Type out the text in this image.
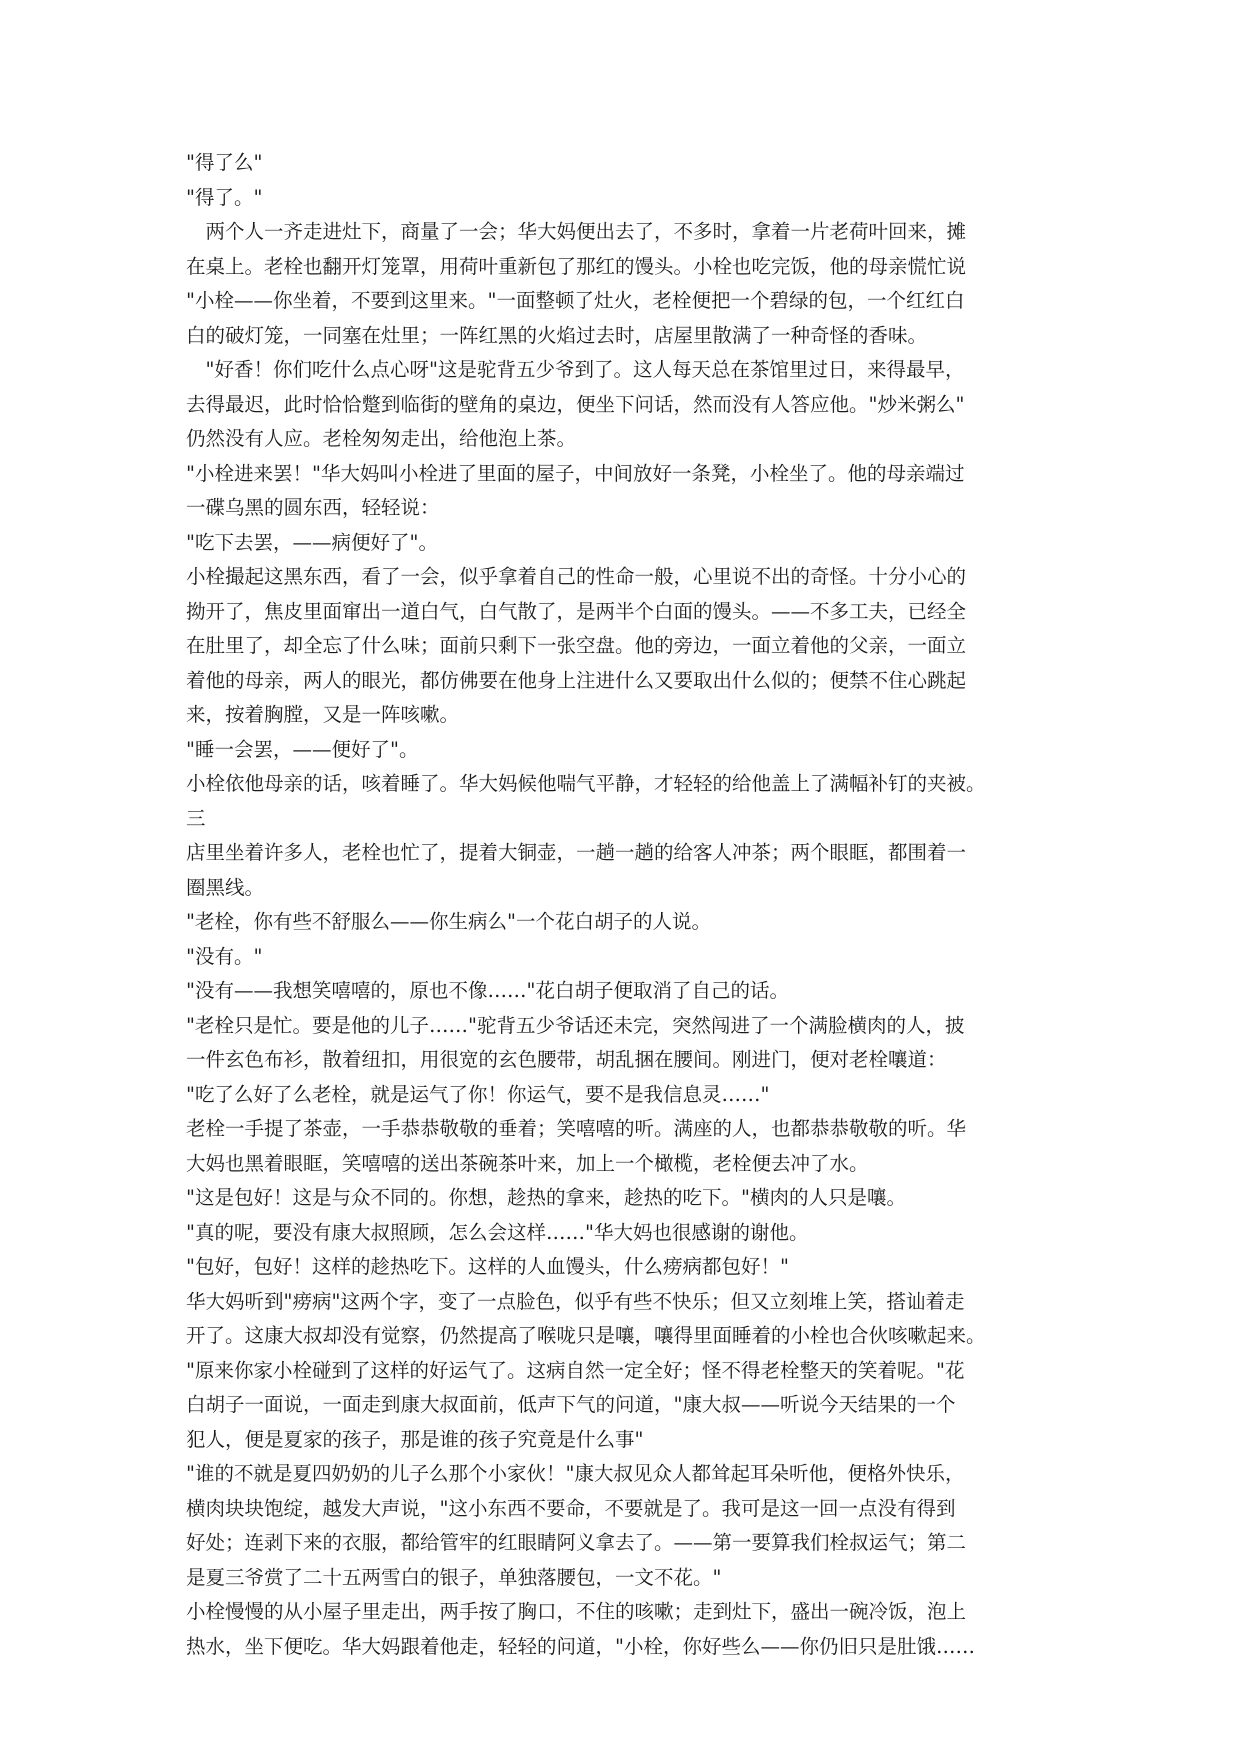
"得了么"
"得了。"
　两个人一齐走进灶下，商量了一会；华大妈便出去了，不多时，拿着一片老荷叶回来，摊
在桌上。老栓也翻开灯笼罩，用荷叶重新包了那红的馒头。小栓也吃完饭，他的母亲慌忙说
"小栓——你坐着，不要到这里来。"一面整顿了灶火，老栓便把一个碧绿的包，一个红红白
白的破灯笼，一同塞在灶里；一阵红黑的火焰过去时，店屋里散满了一种奇怪的香味。
　"好香！你们吃什么点心呀"这是驼背五少爷到了。这人每天总在茶馆里过日，来得最早，
去得最迟，此时恰恰蹩到临街的壁角的桌边，便坐下问话，然而没有人答应他。"炒米粥么"
仍然没有人应。老栓匆匆走出，给他泡上茶。
"小栓进来罢！"华大妈叫小栓进了里面的屋子，中间放好一条凳，小栓坐了。他的母亲端过
一碟乌黑的圆东西，轻轻说：
"吃下去罢，——病便好了"。
小栓撮起这黑东西，看了一会，似乎拿着自己的性命一般，心里说不出的奇怪。十分小心的
拗开了，焦皮里面窜出一道白气，白气散了，是两半个白面的馒头。——不多工夫，已经全
在肚里了，却全忘了什么味；面前只剩下一张空盘。他的旁边，一面立着他的父亲，一面立
着他的母亲，两人的眼光，都仿佛要在他身上注进什么又要取出什么似的；便禁不住心跳起
来，按着胸膛，又是一阵咳嗽。
"睡一会罢，——便好了"。
小栓依他母亲的话，咳着睡了。华大妈候他喘气平静，才轻轻的给他盖上了满幅补钉的夹被。
三
店里坐着许多人，老栓也忙了，提着大铜壶，一趟一趟的给客人冲茶；两个眼眶，都围着一
圈黑线。
"老栓，你有些不舒服么——你生病么"一个花白胡子的人说。
"没有。"
"没有——我想笑嘻嘻的，原也不像……"花白胡子便取消了自己的话。
"老栓只是忙。要是他的儿子……"驼背五少爷话还未完，突然闯进了一个满脸横肉的人，披
一件玄色布衫，散着纽扣，用很宽的玄色腰带，胡乱捆在腰间。刚进门，便对老栓嚷道：
"吃了么好了么老栓，就是运气了你！你运气，要不是我信息灵……"
老栓一手提了茶壶，一手恭恭敬敬的垂着；笑嘻嘻的听。满座的人，也都恭恭敬敬的听。华
大妈也黑着眼眶，笑嘻嘻的送出茶碗茶叶来，加上一个橄榄，老栓便去冲了水。
"这是包好！这是与众不同的。你想，趁热的拿来，趁热的吃下。"横肉的人只是嚷。
"真的呢，要没有康大叔照顾，怎么会这样……"华大妈也很感谢的谢他。
"包好，包好！这样的趁热吃下。这样的人血馒头，什么痨病都包好！"
华大妈听到"痨病"这两个字，变了一点脸色，似乎有些不快乐；但又立刻堆上笑，搭讪着走
开了。这康大叔却没有觉察，仍然提高了喉咙只是嚷，嚷得里面睡着的小栓也合伙咳嗽起来。
"原来你家小栓碰到了这样的好运气了。这病自然一定全好；怪不得老栓整天的笑着呢。"花
白胡子一面说，一面走到康大叔面前，低声下气的问道，"康大叔——听说今天结果的一个
犯人，便是夏家的孩子，那是谁的孩子究竟是什么事"
"谁的不就是夏四奶奶的儿子么那个小家伙！"康大叔见众人都耸起耳朵听他，便格外快乐，
横肉块块饱绽，越发大声说，"这小东西不要命，不要就是了。我可是这一回一点没有得到
好处；连剥下来的衣服，都给管牢的红眼睛阿义拿去了。——第一要算我们栓叔运气；第二
是夏三爷赏了二十五两雪白的银子，单独落腰包，一文不花。"
小栓慢慢的从小屋子里走出，两手按了胸口，不住的咳嗽；走到灶下，盛出一碗冷饭，泡上
热水，坐下便吃。华大妈跟着他走，轻轻的问道，"小栓，你好些么——你仍旧只是肚饿……
